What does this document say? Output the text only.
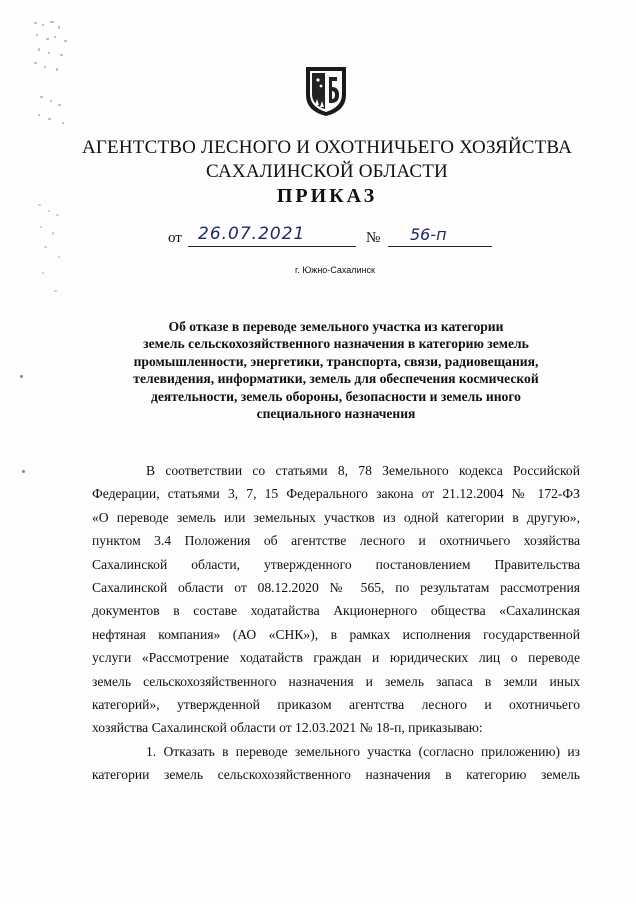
АГЕНТСТВО ЛЕСНОГО И ОХОТНИЧЬЕГО ХОЗЯЙСТВА
САХАЛИНСКОЙ ОБЛАСТИ
ПРИКАЗ
от 26.07.2021	№ 56-п
г. Южно-Сахалинск
Об отказе в переводе земельного участка из категории
земель сельскохозяйственного назначения в категорию земель
промышленности, энергетики, транспорта, связи, радиовещания,
телевидения, информатики, земель для обеспечения космической
деятельности, земель обороны, безопасности и земель иного
специального назначения
В соответствии со статьями 8, 78 Земельного кодекса Российской
Федерации, статьями 3, 7, 15 Федерального закона от 21.12.2004 № 172-ФЗ
«О переводе земель или земельных участков из одной категории в другую»,
пунктом 3.4 Положения об агентстве лесного и охотничьего хозяйства
Сахалинской области, утвержденного постановлением Правительства
Сахалинской области от 08.12.2020 № 565, по результатам рассмотрения
документов в составе ходатайства Акционерного общества «Сахалинская
нефтяная компания» (АО «СНК»), в рамках исполнения государственной
услуги «Рассмотрение ходатайств граждан и юридических лиц о переводе
земель сельскохозяйственного назначения и земель запаса в земли иных
категорий», утвержденной приказом агентства лесного и охотничьего
хозяйства Сахалинской области от 12.03.2021 № 18-п, приказываю:
1. Отказать в переводе земельного участка (согласно приложению) из
категории земель сельскохозяйственного назначения в категорию земель
